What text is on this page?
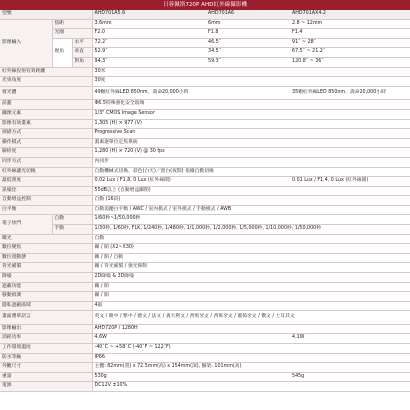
日蓉佩斯720P AHD紅外線攝影機
型號			AHD701A5.6	AHD701A6	AHD701AX4.2
影像輸入	焦距		3.6mm	6mm	2.8 ~ 12mm
	光圈		F2.0	F1.8	F1.4
	視角	水平	72.2˚	46.5˚	91˚ ~ 28˚
		垂直	52.9˚	34.5˚	67.5˚ ~ 21.2˚
		對角	94.3˚	59.3˚	120.8˚ ~ 36˚
紅外線投射有效距離			30米		
光束角度			30度		
發光體			49顆紅外線LED 850nm，壽命20,000小時		35顆紅外線LED 850nm，壽命20,000小時
前蓋			Φ6.5特殊強化安全玻璃		
攝像元素			1/3" CMOS Image Sensor		
影像有效畫素			1,305 (H) × 977 (V)		
掃描方式			Progressive Scan		
操作模式			畫素逐單位定焦系統		
解析度			1,280 (H) × 720 (V) @ 30 fps		
同步方式			內同步		
紅外線濾光切換			自動機械式切換、彩色(白天)／黑白(夜間) 依據自動切換		
最低照度			0.02 Lux / F1.8, 0 Lux (紅外線開)		0.01 Lux / F1.4, 0 Lux (紅外線開)
訊噪比			55dB以上 (自動增益關閉)		
自動增益控制			自動 (16段)		
白平衡			自動追蹤白平衡 / AWC / 室內模式 / 室外模式 / 手動模式 / AWB		
電子快門	自動		1/60秒~1/50,000秒		
	手動		1/30秒, 1/60秒, FLK, 1/240秒, 1/480秒, 1/1,000秒, 1/2,000秒, 1/5,000秒, 1/10,000秒, 1/50,000秒		
曝光			自動		
數位變焦			關 / 開 (X2~X30)		
數位寬動態			關 / 開 / 自動		
背光補償			關 / 背光補償 / 強光抑制		
降噪			2D降噪 & 3D降噪		
遮蔽功能			關 / 開		
移動偵測			關 / 開		
隱私遮蔽區域			4區		
畫面選單語言			英文 / 簡中 / 繁中 / 德文 / 法文 / 義大利文 / 西班牙文 / 西班牙文 / 葡萄牙文 / 俄文 / 土耳其文		
影像輸出			AHD720P / 1280H		
消耗功率			4.6W		4.1W
工作環境溫度			-40˚C ~ +58˚C (-40˚F ~ 122˚F)		
防水等級			IP66		
外觀尺寸			主體: 82mm(寬) x 72.5mm(高) x 154mm(深), 腳架: 101mm(高)		
重量			530g		545g
電源			DC12V ±10%		
